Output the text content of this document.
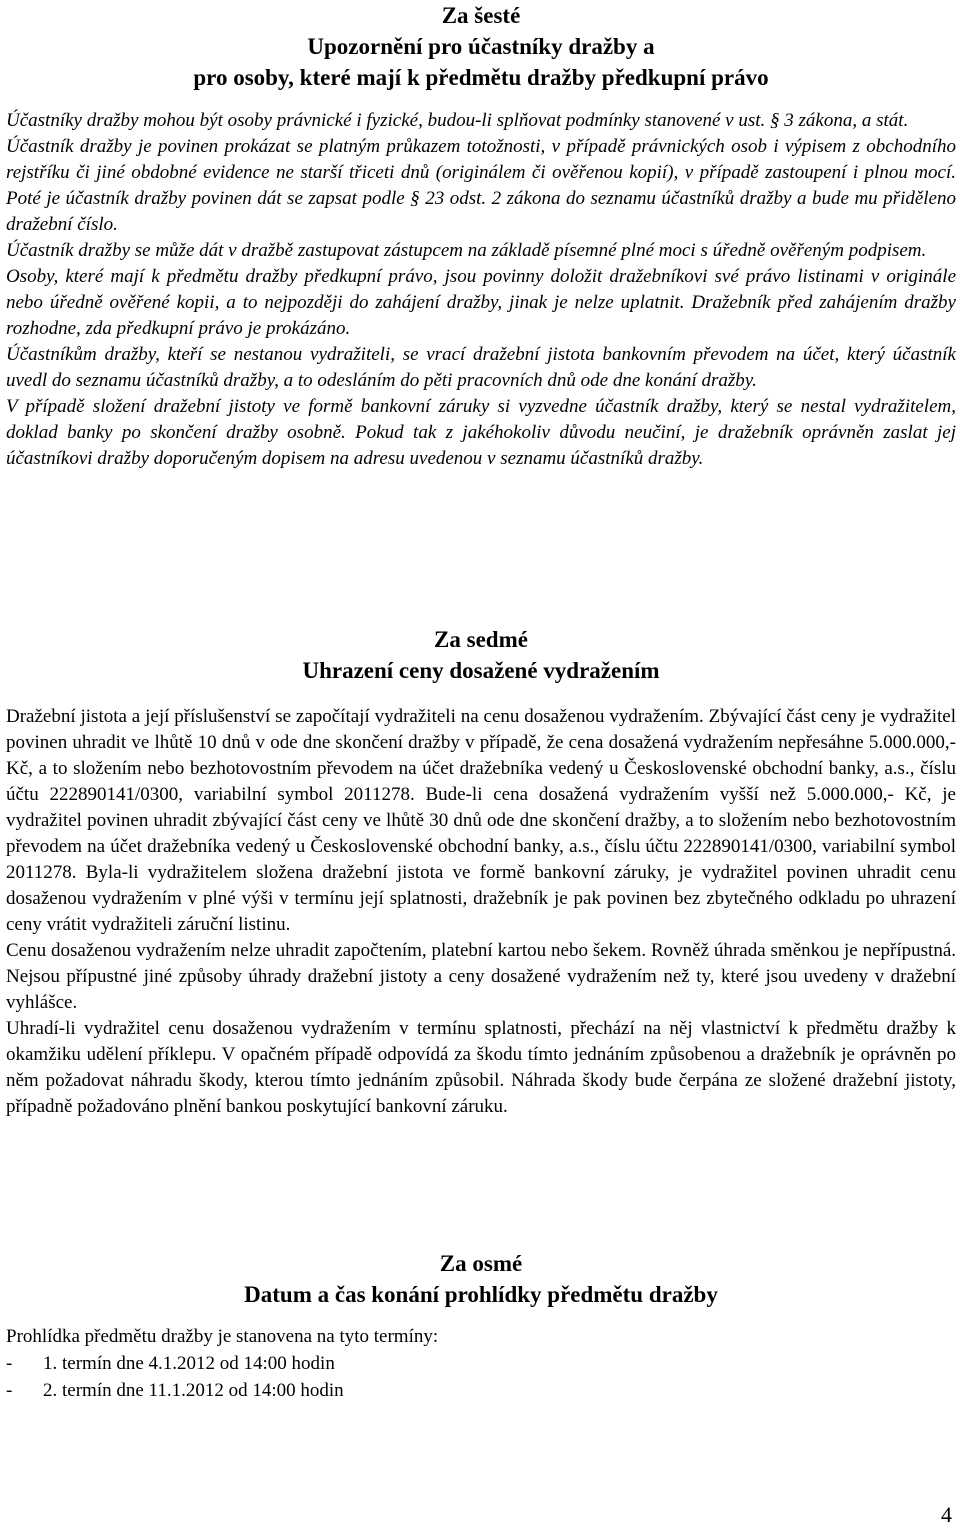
Za šesté
Upozornění pro účastníky dražby a
pro osoby, které mají k předmětu dražby předkupní právo

Účastníky dražby mohou být osoby právnické i fyzické, budou-li splňovat podmínky stanovené v ust. § 3 zákona, a stát.

Účastník dražby je povinen prokázat se platným průkazem totožnosti, v případě právnických osob i výpisem z obchodního rejstříku či jiné obdobné evidence ne starší třiceti dnů (originálem či ověřenou kopií), v případě zastoupení i plnou mocí. Poté je účastník dražby povinen dát se zapsat podle § 23 odst. 2 zákona do seznamu účastníků dražby a bude mu přiděleno dražební číslo.

Účastník dražby se může dát v dražbě zastupovat zástupcem na základě písemné plné moci s úředně ověřeným podpisem.

Osoby, které mají k předmětu dražby předkupní právo, jsou povinny doložit dražebníkovi své právo listinami v originále nebo úředně ověřené kopii, a to nejpozději do zahájení dražby, jinak je nelze uplatnit. Dražebník před zahájením dražby rozhodne, zda předkupní právo je prokázáno.

Účastníkům dražby, kteří se nestanou vydražiteli, se vrací dražební jistota bankovním převodem na účet, který účastník uvedl do seznamu účastníků dražby, a to odesláním do pěti pracovních dnů ode dne konání dražby.

V případě složení dražební jistoty ve formě bankovní záruky si vyzvedne účastník dražby, který se nestal vydražitelem, doklad banky po skončení dražby osobně. Pokud tak z jakéhokoliv důvodu neučiní, je dražebník oprávněn zaslat jej účastníkovi dražby doporučeným dopisem na adresu uvedenou v seznamu účastníků dražby.

Za sedmé
Uhrazení ceny dosažené vydražením

Dražební jistota a její příslušenství se započítají vydražiteli na cenu dosaženou vydražením. Zbývající část ceny je vydražitel povinen uhradit ve lhůtě 10 dnů v ode dne skončení dražby v případě, že cena dosažená vydražením nepřesáhne 5.000.000,- Kč, a to složením nebo bezhotovostním převodem na účet dražebníka vedený u Československé obchodní banky, a.s., číslu účtu 222890141/0300, variabilní symbol 2011278. Bude-li cena dosažená vydražením vyšší než 5.000.000,- Kč, je vydražitel povinen uhradit zbývající část ceny ve lhůtě 30 dnů ode dne skončení dražby, a to složením nebo bezhotovostním převodem na účet dražebníka vedený u Československé obchodní banky, a.s., číslu účtu 222890141/0300, variabilní symbol 2011278. Byla-li vydražitelem složena dražební jistota ve formě bankovní záruky, je vydražitel povinen uhradit cenu dosaženou vydražením v plné výši v termínu její splatnosti, dražebník je pak povinen bez zbytečného odkladu po uhrazení ceny vrátit vydražiteli záruční listinu.

Cenu dosaženou vydražením nelze uhradit započtením, platební kartou nebo šekem. Rovněž úhrada směnkou je nepřípustná. Nejsou přípustné jiné způsoby úhrady dražební jistoty a ceny dosažené vydražením než ty, které jsou uvedeny v dražební vyhlášce.

Uhradí-li vydražitel cenu dosaženou vydražením v termínu splatnosti, přechází na něj vlastnictví k předmětu dražby k okamžiku udělení příklepu. V opačném případě odpovídá za škodu tímto jednáním způsobenou a dražebník je oprávněn po něm požadovat náhradu škody, kterou tímto jednáním způsobil. Náhrada škody bude čerpána ze složené dražební jistoty, případně požadováno plnění bankou poskytující bankovní záruku.

Za osmé
Datum a čas konání prohlídky předmětu dražby

Prohlídka předmětu dražby je stanovena na tyto termíny:

-	1. termín dne 4.1.2012 od 14:00 hodin
-	2. termín dne 11.1.2012 od 14:00 hodin
4
